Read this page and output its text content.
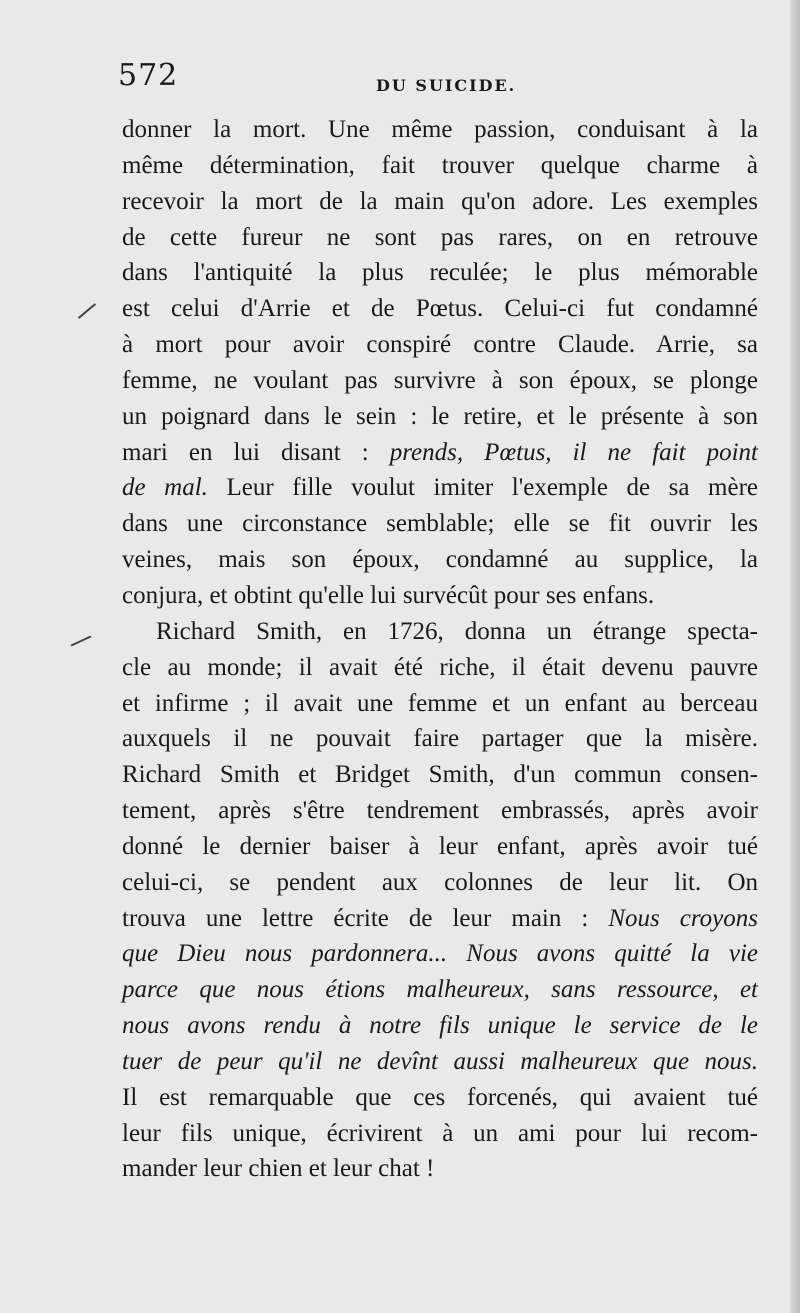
572	DU SUICIDE.
donner la mort. Une même passion, conduisant à la
même détermination, fait trouver quelque charme à
recevoir la mort de la main qu'on adore. Les exemples
de cette fureur ne sont pas rares, on en retrouve
dans l'antiquité la plus reculée; le plus mémorable
est celui d'Arrie et de Pœtus. Celui-ci fut condamné
à mort pour avoir conspiré contre Claude. Arrie, sa
femme, ne voulant pas survivre à son époux, se plonge
un poignard dans le sein : le retire, et le présente à son
mari en lui disant : prends, Pœtus, il ne fait point
de mal. Leur fille voulut imiter l'exemple de sa mère
dans une circonstance semblable; elle se fit ouvrir les
veines, mais son époux, condamné au supplice, la
conjura, et obtint qu'elle lui survécût pour ses enfans.
Richard Smith, en 1726, donna un étrange specta-
cle au monde; il avait été riche, il était devenu pauvre
et infirme ; il avait une femme et un enfant au berceau
auxquels il ne pouvait faire partager que la misère.
Richard Smith et Bridget Smith, d'un commun consen-
tement, après s'être tendrement embrassés, après avoir
donné le dernier baiser à leur enfant, après avoir tué
celui-ci, se pendent aux colonnes de leur lit. On
trouva une lettre écrite de leur main : Nous croyons
que Dieu nous pardonnera... Nous avons quitté la vie
parce que nous étions malheureux, sans ressource, et
nous avons rendu à notre fils unique le service de le
tuer de peur qu'il ne devînt aussi malheureux que nous.
Il est remarquable que ces forcenés, qui avaient tué
leur fils unique, écrivirent à un ami pour lui recom-
mander leur chien et leur chat !
